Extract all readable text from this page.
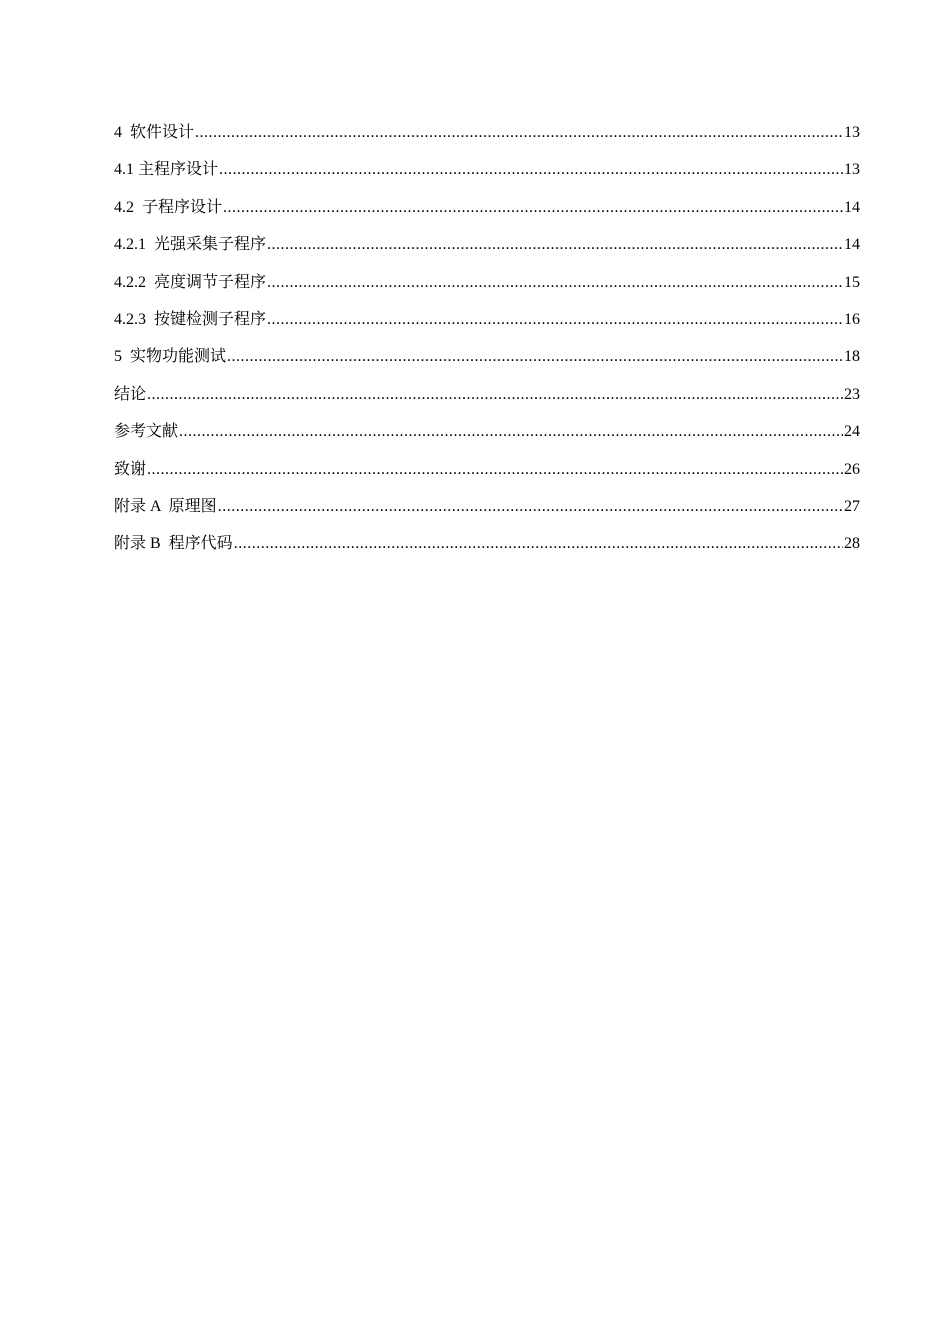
4  软件设计 .....	13
4.1 主程序设计 .....	13
4.2  子程序设计 .....	14
4.2.1  光强采集子程序 .....	14
4.2.2  亮度调节子程序 .....	15
4.2.3  按键检测子程序 .....	16
5  实物功能测试 .....	18
结论 .....	23
参考文献 .....	24
致谢 .....	26
附录 A  原理图 .....	27
附录 B  程序代码 .....	28
